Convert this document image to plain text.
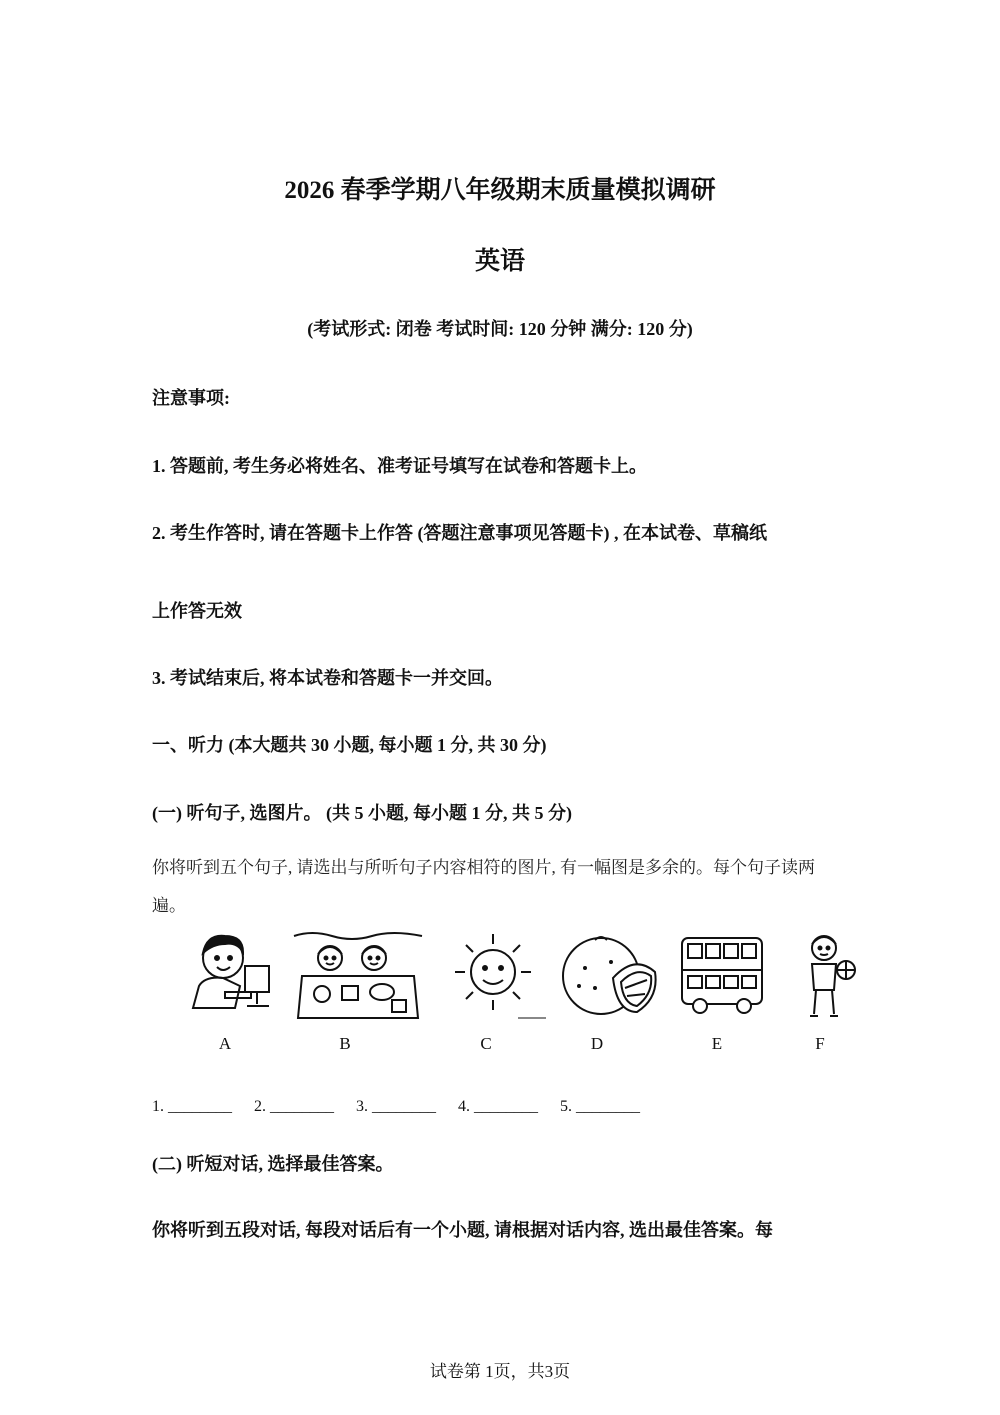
2026 春季学期八年级期末质量模拟调研
英语
(考试形式: 闭卷 考试时间: 120 分钟 满分: 120 分)
注意事项:
1. 答题前, 考生务必将姓名、准考证号填写在试卷和答题卡上。
2. 考生作答时, 请在答题卡上作答 (答题注意事项见答题卡) , 在本试卷、草稿纸
上作答无效
3. 考试结束后, 将本试卷和答题卡一并交回。
一、听力 (本大题共 30 小题, 每小题 1 分, 共 30 分)
(一) 听句子, 选图片。 (共 5 小题, 每小题 1 分, 共 5 分)
你将听到五个句子, 请选出与所听句子内容相符的图片, 有一幅图是多余的。每个句子读两
遍。
A	B	C	D	E	F
1. ________ 2. ________ 3. ________ 4. ________ 5. ________
(二) 听短对话, 选择最佳答案。
你将听到五段对话, 每段对话后有一个小题, 请根据对话内容, 选出最佳答案。每
试卷第 1页，共3页
